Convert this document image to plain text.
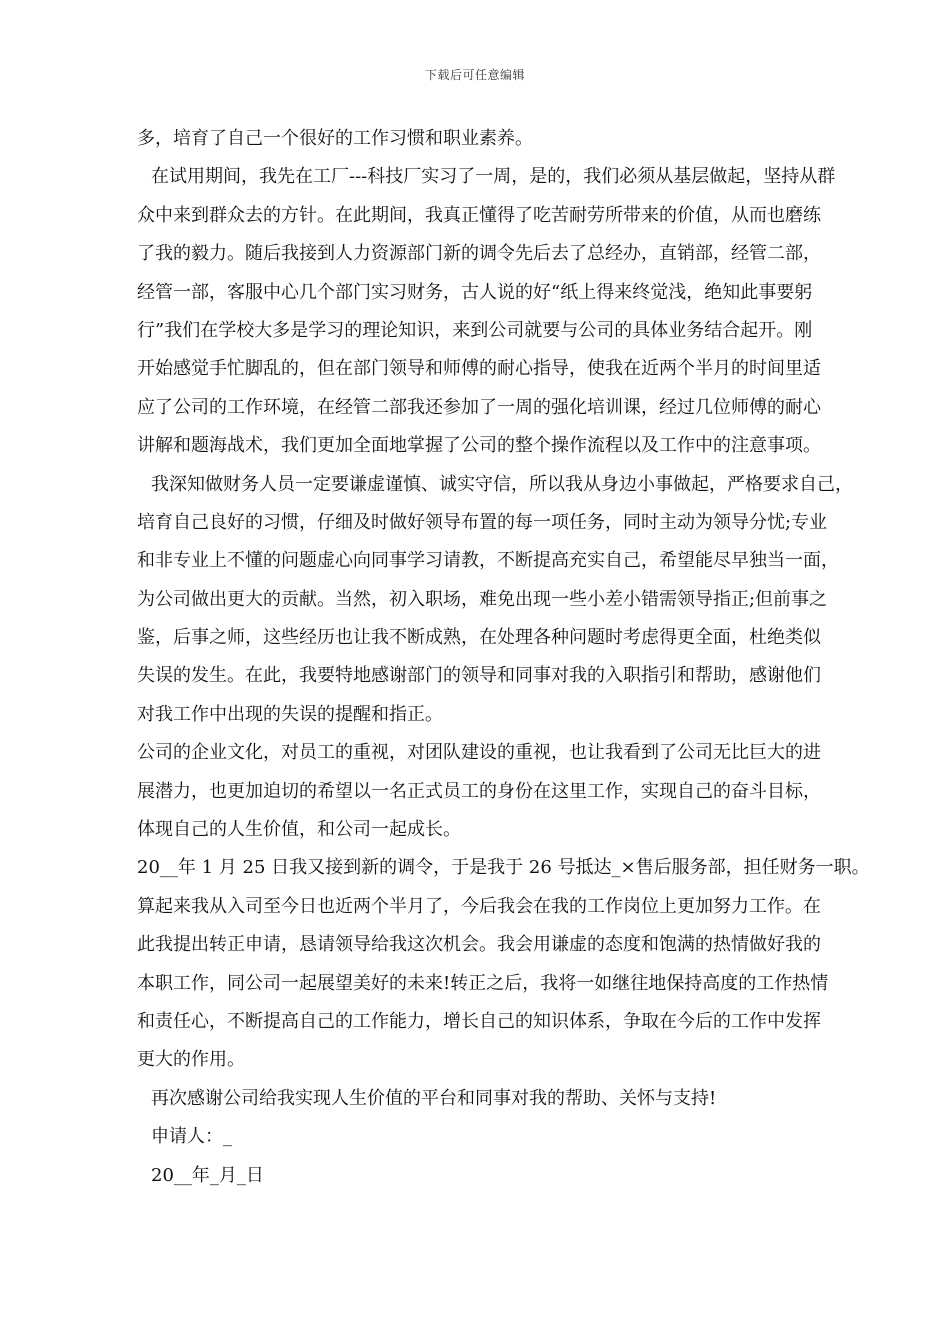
下载后可任意编辑
多，培育了自己一个很好的工作习惯和职业素养。
在试用期间，我先在工厂---科技厂实习了一周，是的，我们必须从基层做起，坚持从群
众中来到群众去的方针。在此期间，我真正懂得了吃苦耐劳所带来的价值，从而也磨练
了我的毅力。随后我接到人力资源部门新的调令先后去了总经办，直销部，经管二部，
经管一部，客服中心几个部门实习财务，古人说的好“纸上得来终觉浅，绝知此事要躬
行”我们在学校大多是学习的理论知识，来到公司就要与公司的具体业务结合起开。刚
开始感觉手忙脚乱的，但在部门领导和师傅的耐心指导，使我在近两个半月的时间里适
应了公司的工作环境，在经管二部我还参加了一周的强化培训课，经过几位师傅的耐心
讲解和题海战术，我们更加全面地掌握了公司的整个操作流程以及工作中的注意事项。
我深知做财务人员一定要谦虚谨慎、诚实守信，所以我从身边小事做起，严格要求自己，
培育自己良好的习惯，仔细及时做好领导布置的每一项任务，同时主动为领导分忧;专业
和非专业上不懂的问题虚心向同事学习请教，不断提高充实自己，希望能尽早独当一面，
为公司做出更大的贡献。当然，初入职场，难免出现一些小差小错需领导指正;但前事之
鉴，后事之师，这些经历也让我不断成熟，在处理各种问题时考虑得更全面，杜绝类似
失误的发生。在此，我要特地感谢部门的领导和同事对我的入职指引和帮助，感谢他们
对我工作中出现的失误的提醒和指正。
公司的企业文化，对员工的重视，对团队建设的重视，也让我看到了公司无比巨大的进
展潜力，也更加迫切的希望以一名正式员工的身份在这里工作，实现自己的奋斗目标，
体现自己的人生价值，和公司一起成长。
20__年 1 月 25 日我又接到新的调令，于是我于 26 号抵达_×售后服务部，担任财务一职。
算起来我从入司至今日也近两个半月了，今后我会在我的工作岗位上更加努力工作。在
此我提出转正申请，恳请领导给我这次机会。我会用谦虚的态度和饱满的热情做好我的
本职工作，同公司一起展望美好的未来!转正之后，我将一如继往地保持高度的工作热情
和责任心，不断提高自己的工作能力，增长自己的知识体系，争取在今后的工作中发挥
更大的作用。
再次感谢公司给我实现人生价值的平台和同事对我的帮助、关怀与支持!
申请人：_
20__年_月_日
